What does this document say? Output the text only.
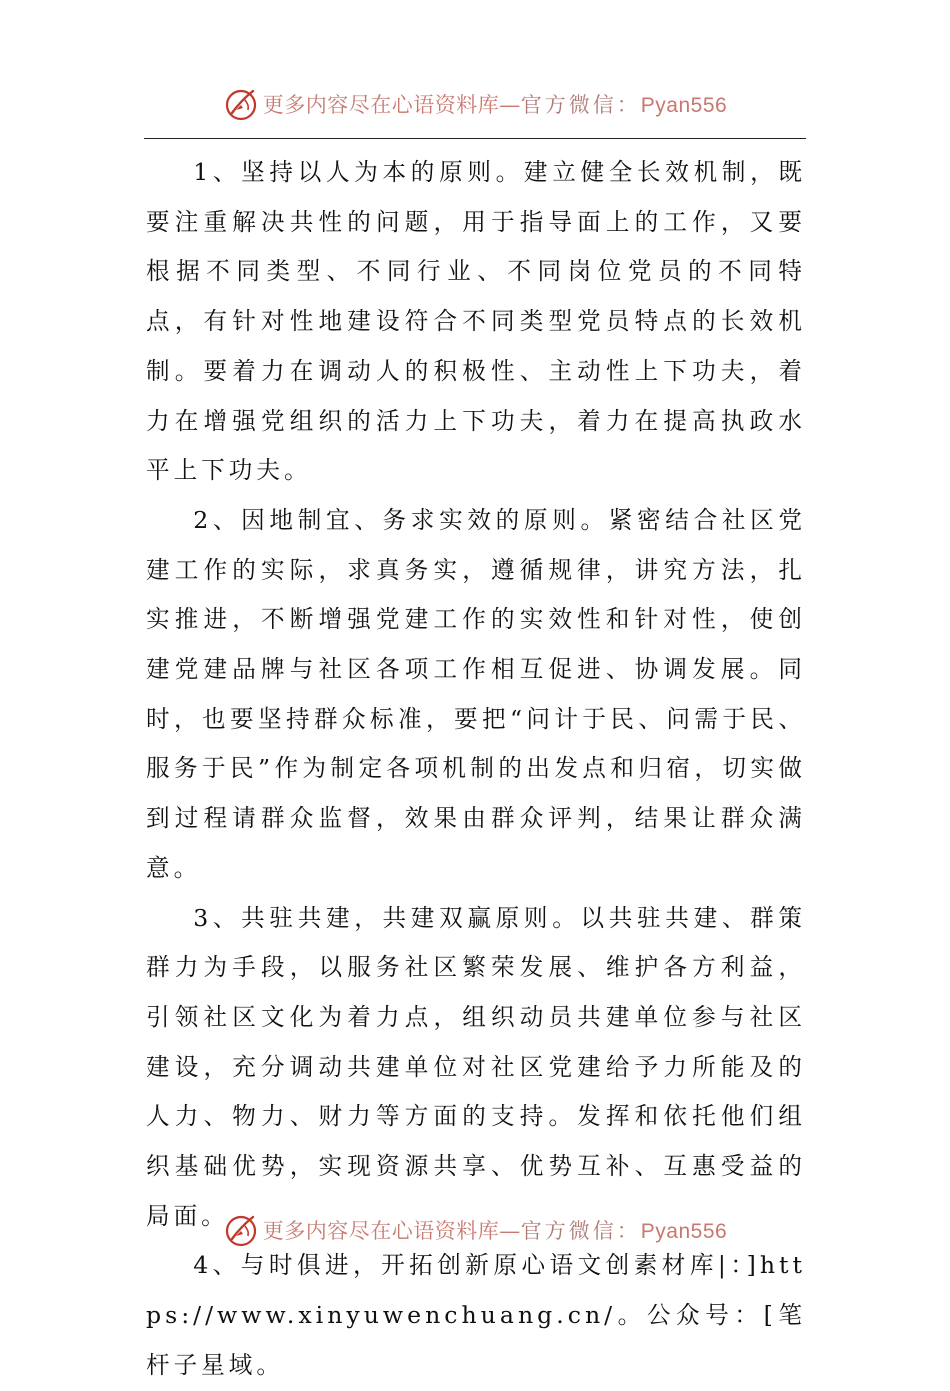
更多内容尽在心语资料库—官方微信：Pyan556

1、坚持以人为本的原则。建立健全长效机制，既要注重解决共性的问题，用于指导面上的工作，又要根据不同类型、不同行业、不同岗位党员的不同特点，有针对性地建设符合不同类型党员特点的长效机制。要着力在调动人的积极性、主动性上下功夫，着力在增强党组织的活力上下功夫，着力在提高执政水平上下功夫。

2、因地制宜、务求实效的原则。紧密结合社区党建工作的实际，求真务实，遵循规律，讲究方法，扎实推进，不断增强党建工作的实效性和针对性，使创建党建品牌与社区各项工作相互促进、协调发展。同时，也要坚持群众标准，要把“问计于民、问需于民、服务于民”作为制定各项机制的出发点和归宿，切实做到过程请群众监督，效果由群众评判，结果让群众满意。

3、共驻共建，共建双赢原则。以共驻共建、群策群力为手段，以服务社区繁荣发展、维护各方利益，引领社区文化为着力点，组织动员共建单位参与社区建设，充分调动共建单位对社区党建给予力所能及的人力、物力、财力等方面的支持。发挥和依托他们组织基础优势，实现资源共享、优势互补、互惠受益的局面。

4、与时俱进，开拓创新原心语文创素材库|：]https://www.xinyuwenchuang.cn/。公众号：[笔杆子星域。

更多内容尽在心语资料库—官方微信：Pyan556
